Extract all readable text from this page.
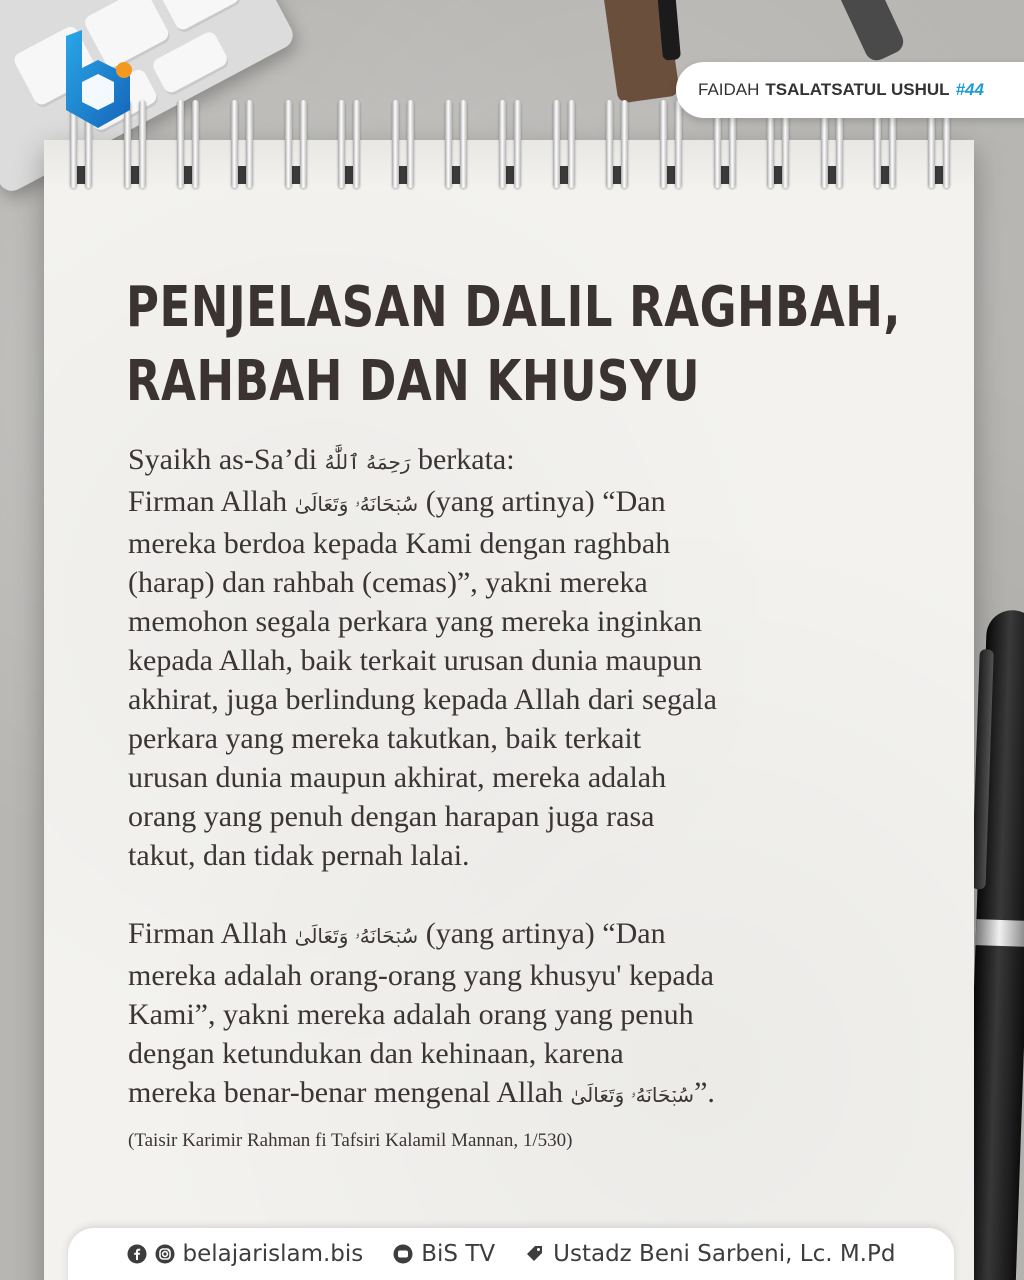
FAIDAH TSALATSATUL USHUL #44
PENJELASAN DALIL RAGHBAH,
RAHBAH DAN KHUSYU

Syaikh as-Sa’di رَحِمَهُ ٱللَّٰهُ berkata:

Firman Allah سُبۡحَانَهُۥ وَتَعَالَىٰ (yang artinya) “Dan

mereka berdoa kepada Kami dengan raghbah

(harap) dan rahbah (cemas)”, yakni mereka

memohon segala perkara yang mereka inginkan

kepada Allah, baik terkait urusan dunia maupun

akhirat, juga berlindung kepada Allah dari segala

perkara yang mereka takutkan, baik terkait

urusan dunia maupun akhirat, mereka adalah

orang yang penuh dengan harapan juga rasa

takut, dan tidak pernah lalai.

Firman Allah سُبۡحَانَهُۥ وَتَعَالَىٰ (yang artinya) “Dan

mereka adalah orang-orang yang khusyu' kepada

Kami”, yakni mereka adalah orang yang penuh

dengan ketundukan dan kehinaan, karena

mereka benar-benar mengenal Allah سُبۡحَانَهُۥ وَتَعَالَىٰ”.

(Taisir Karimir Rahman fi Tafsiri Kalamil Mannan, 1/530)
belajarislam.bis	BiS TV	Ustadz Beni Sarbeni, Lc. M.Pd
